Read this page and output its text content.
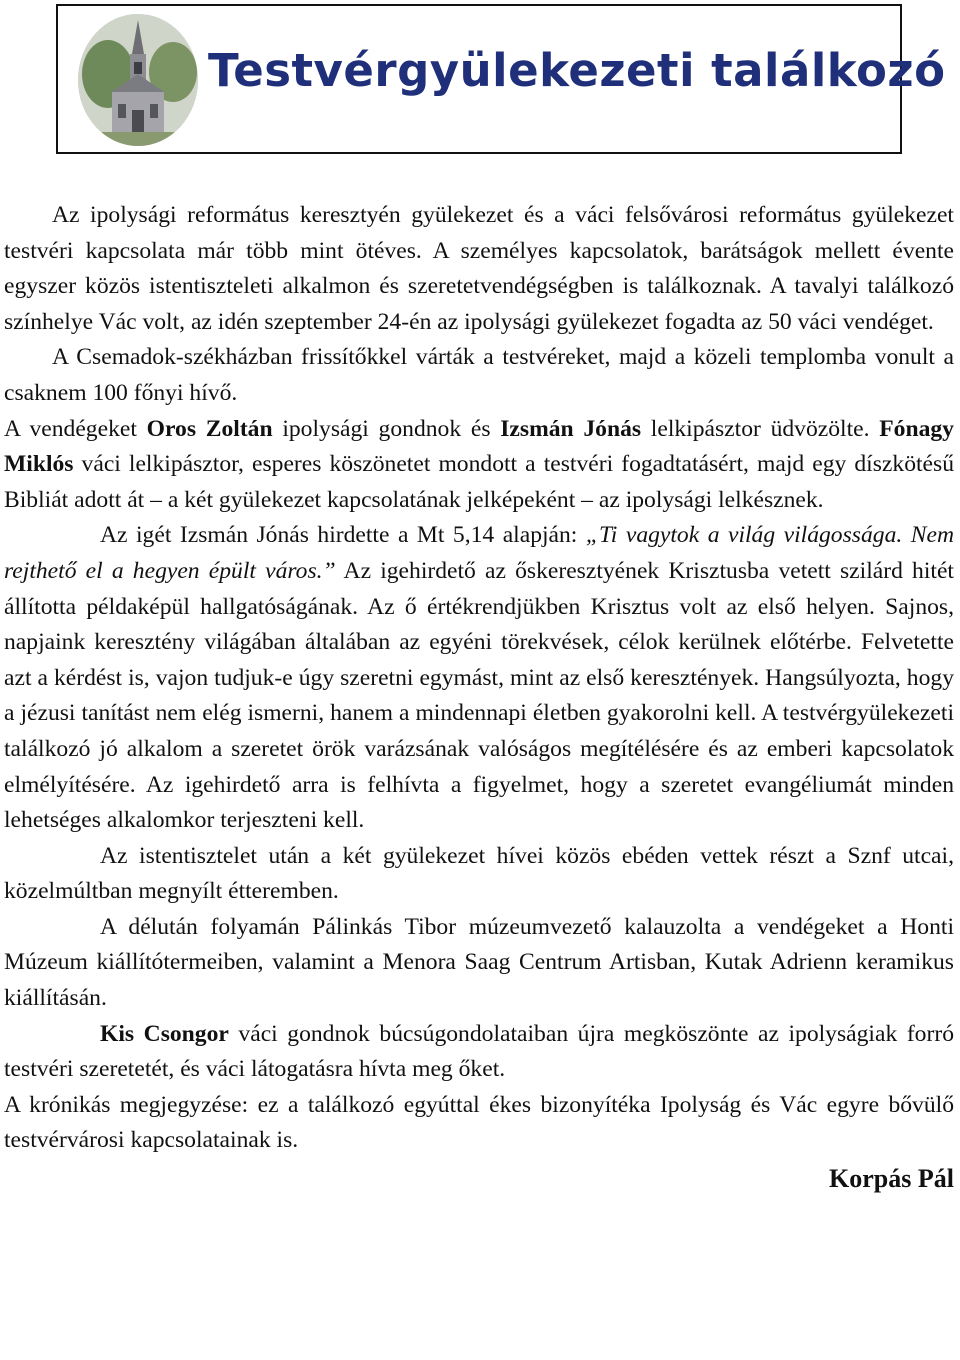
Testvérgyülekezeti találkozó

Az ipolysági református keresztyén gyülekezet és a váci felsővárosi református gyülekezet testvéri kapcsolata már több mint ötéves. A személyes kapcsolatok, barátságok mellett évente egyszer közös istentiszteleti alkalmon és szeretetvendégségben is találkoznak. A tavalyi találkozó színhelye Vác volt, az idén szeptember 24-én az ipolysági gyülekezet fogadta az 50 váci vendéget.

A Csemadok-székházban frissítőkkel várták a testvéreket, majd a közeli templomba vonult a csaknem 100 főnyi hívő.

A vendégeket Oros Zoltán ipolysági gondnok és Izsmán Jónás lelkipásztor üdvözölte. Fónagy Miklós váci lelkipásztor, esperes köszönetet mondott a testvéri fogadtatásért, majd egy díszkötésű Bibliát adott át – a két gyülekezet kapcsolatának jelképeként – az ipolysági lelkésznek.

Az igét Izsmán Jónás hirdette a Mt 5,14 alapján: „Ti vagytok a világ világossága. Nem rejthető el a hegyen épült város.” Az igehirdető az őskeresztyének Krisztusba vetett szilárd hitét állította példaképül hallgatóságának. Az ő értékrendjükben Krisztus volt az első helyen. Sajnos, napjaink keresztény világában általában az egyéni törekvések, célok kerülnek előtérbe. Felvetette azt a kérdést is, vajon tudjuk-e úgy szeretni egymást, mint az első keresztények. Hangsúlyozta, hogy a jézusi tanítást nem elég ismerni, hanem a mindennapi életben gyakorolni kell. A testvérgyülekezeti találkozó jó alkalom a szeretet örök varázsának valóságos megítélésére és az emberi kapcsolatok elmélyítésére. Az igehirdető arra is felhívta a figyelmet, hogy a szeretet evangéliumát minden lehetséges alkalomkor terjeszteni kell.

Az istentisztelet után a két gyülekezet hívei közös ebéden vettek részt a Sznf utcai, közelmúltban megnyílt étteremben.

A délután folyamán Pálinkás Tibor múzeumvezető kalauzolta a vendégeket a Honti Múzeum kiállítótermeiben, valamint a Menora Saag Centrum Artisban, Kutak Adrienn keramikus kiállításán.

Kis Csongor váci gondnok búcsúgondolataiban újra megköszönte az ipolyságiak forró testvéri szeretetét, és váci látogatásra hívta meg őket.

A krónikás megjegyzése: ez a találkozó egyúttal ékes bizonyítéka Ipolyság és Vác egyre bővülő testvérvárosi kapcsolatainak is.

Korpás Pál
